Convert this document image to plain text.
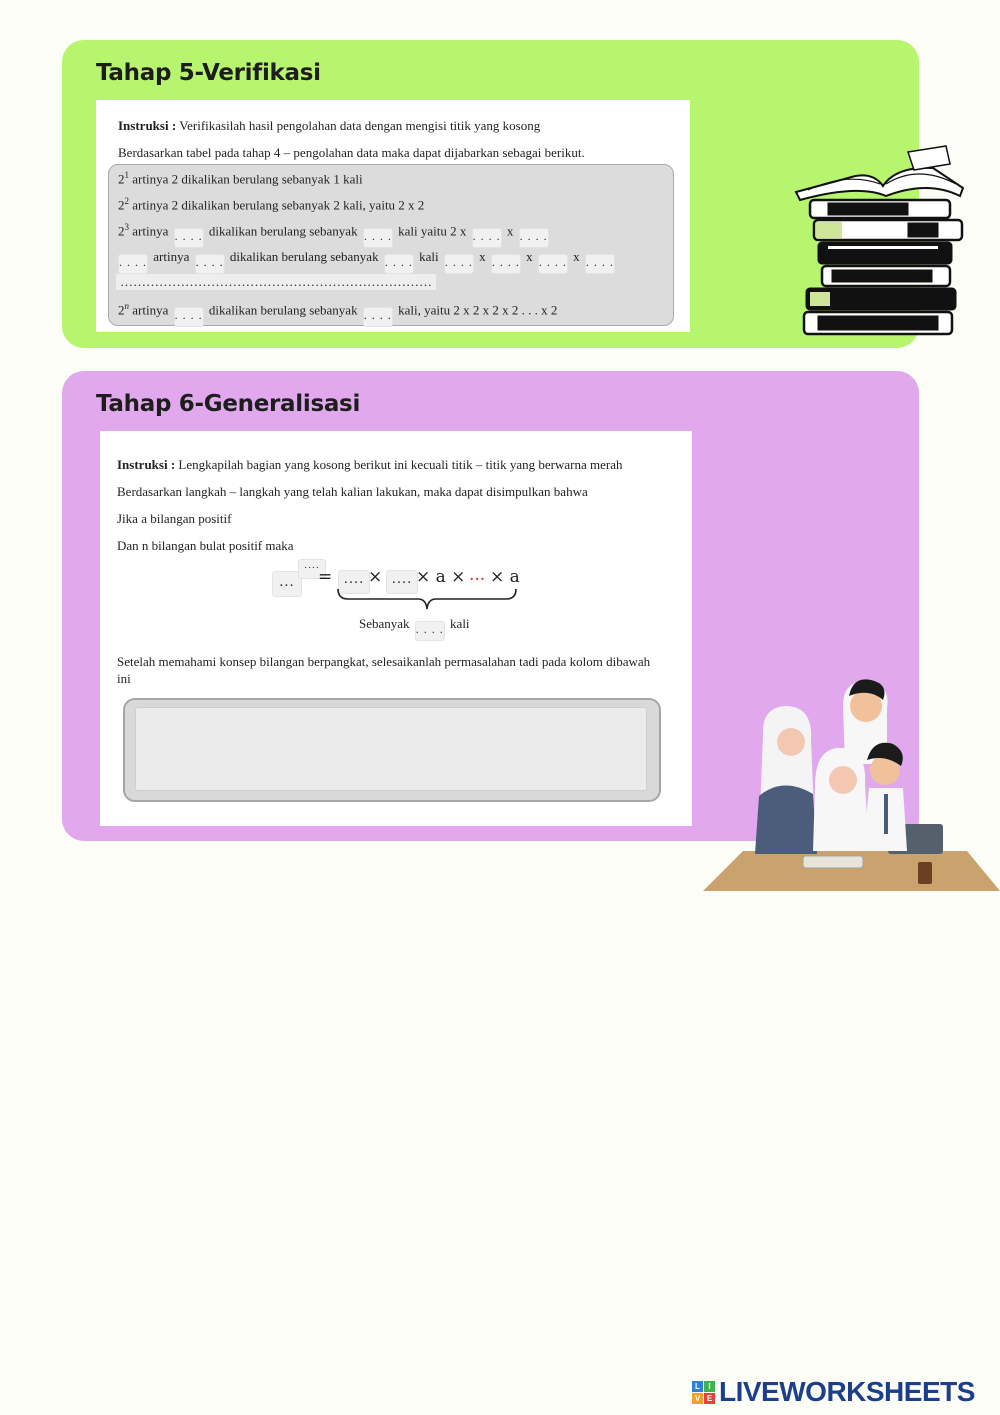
Tahap 5-Verifikasi
Instruksi : Verifikasilah hasil pengolahan data dengan mengisi titik yang kosong
Berdasarkan tabel pada tahap 4 – pengolahan data maka dapat dijabarkan sebagai berikut.
$2^1$ artinya 2 dikalikan berulang sebanyak 1 kali
$2^2$ artinya 2 dikalikan berulang sebanyak 2 kali, yaitu 2 x 2
$2^3$ artinya . . . . dikalikan berulang sebanyak . . . . kali yaitu 2 x . . . . x . . . .
. . . . artinya . . . . dikalikan berulang sebanyak . . . . kali . . . . x . . . . x . . . . x . . . .
………………………………………………………………
2$^n$ artinya . . . . dikalikan berulang sebanyak . . . . kali, yaitu 2 x 2 x 2 x 2 . . . x 2
Tahap 6-Generalisasi
Instruksi : Lengkapilah bagian yang kosong berikut ini kecuali titik – titik yang berwarna merah
Berdasarkan langkah – langkah yang telah kalian lakukan, maka dapat disimpulkan bahwa
Jika a bilangan positif
Dan n bilangan bulat positif maka
...
....
= .... × .... × a × ... × a
Sebanyak . . . . kali
Setelah memahami konsep bilangan berpangkat, selesaikanlah permasalahan tadi pada kolom dibawah ini
L	I
V E LIVEWORKSHEETS
